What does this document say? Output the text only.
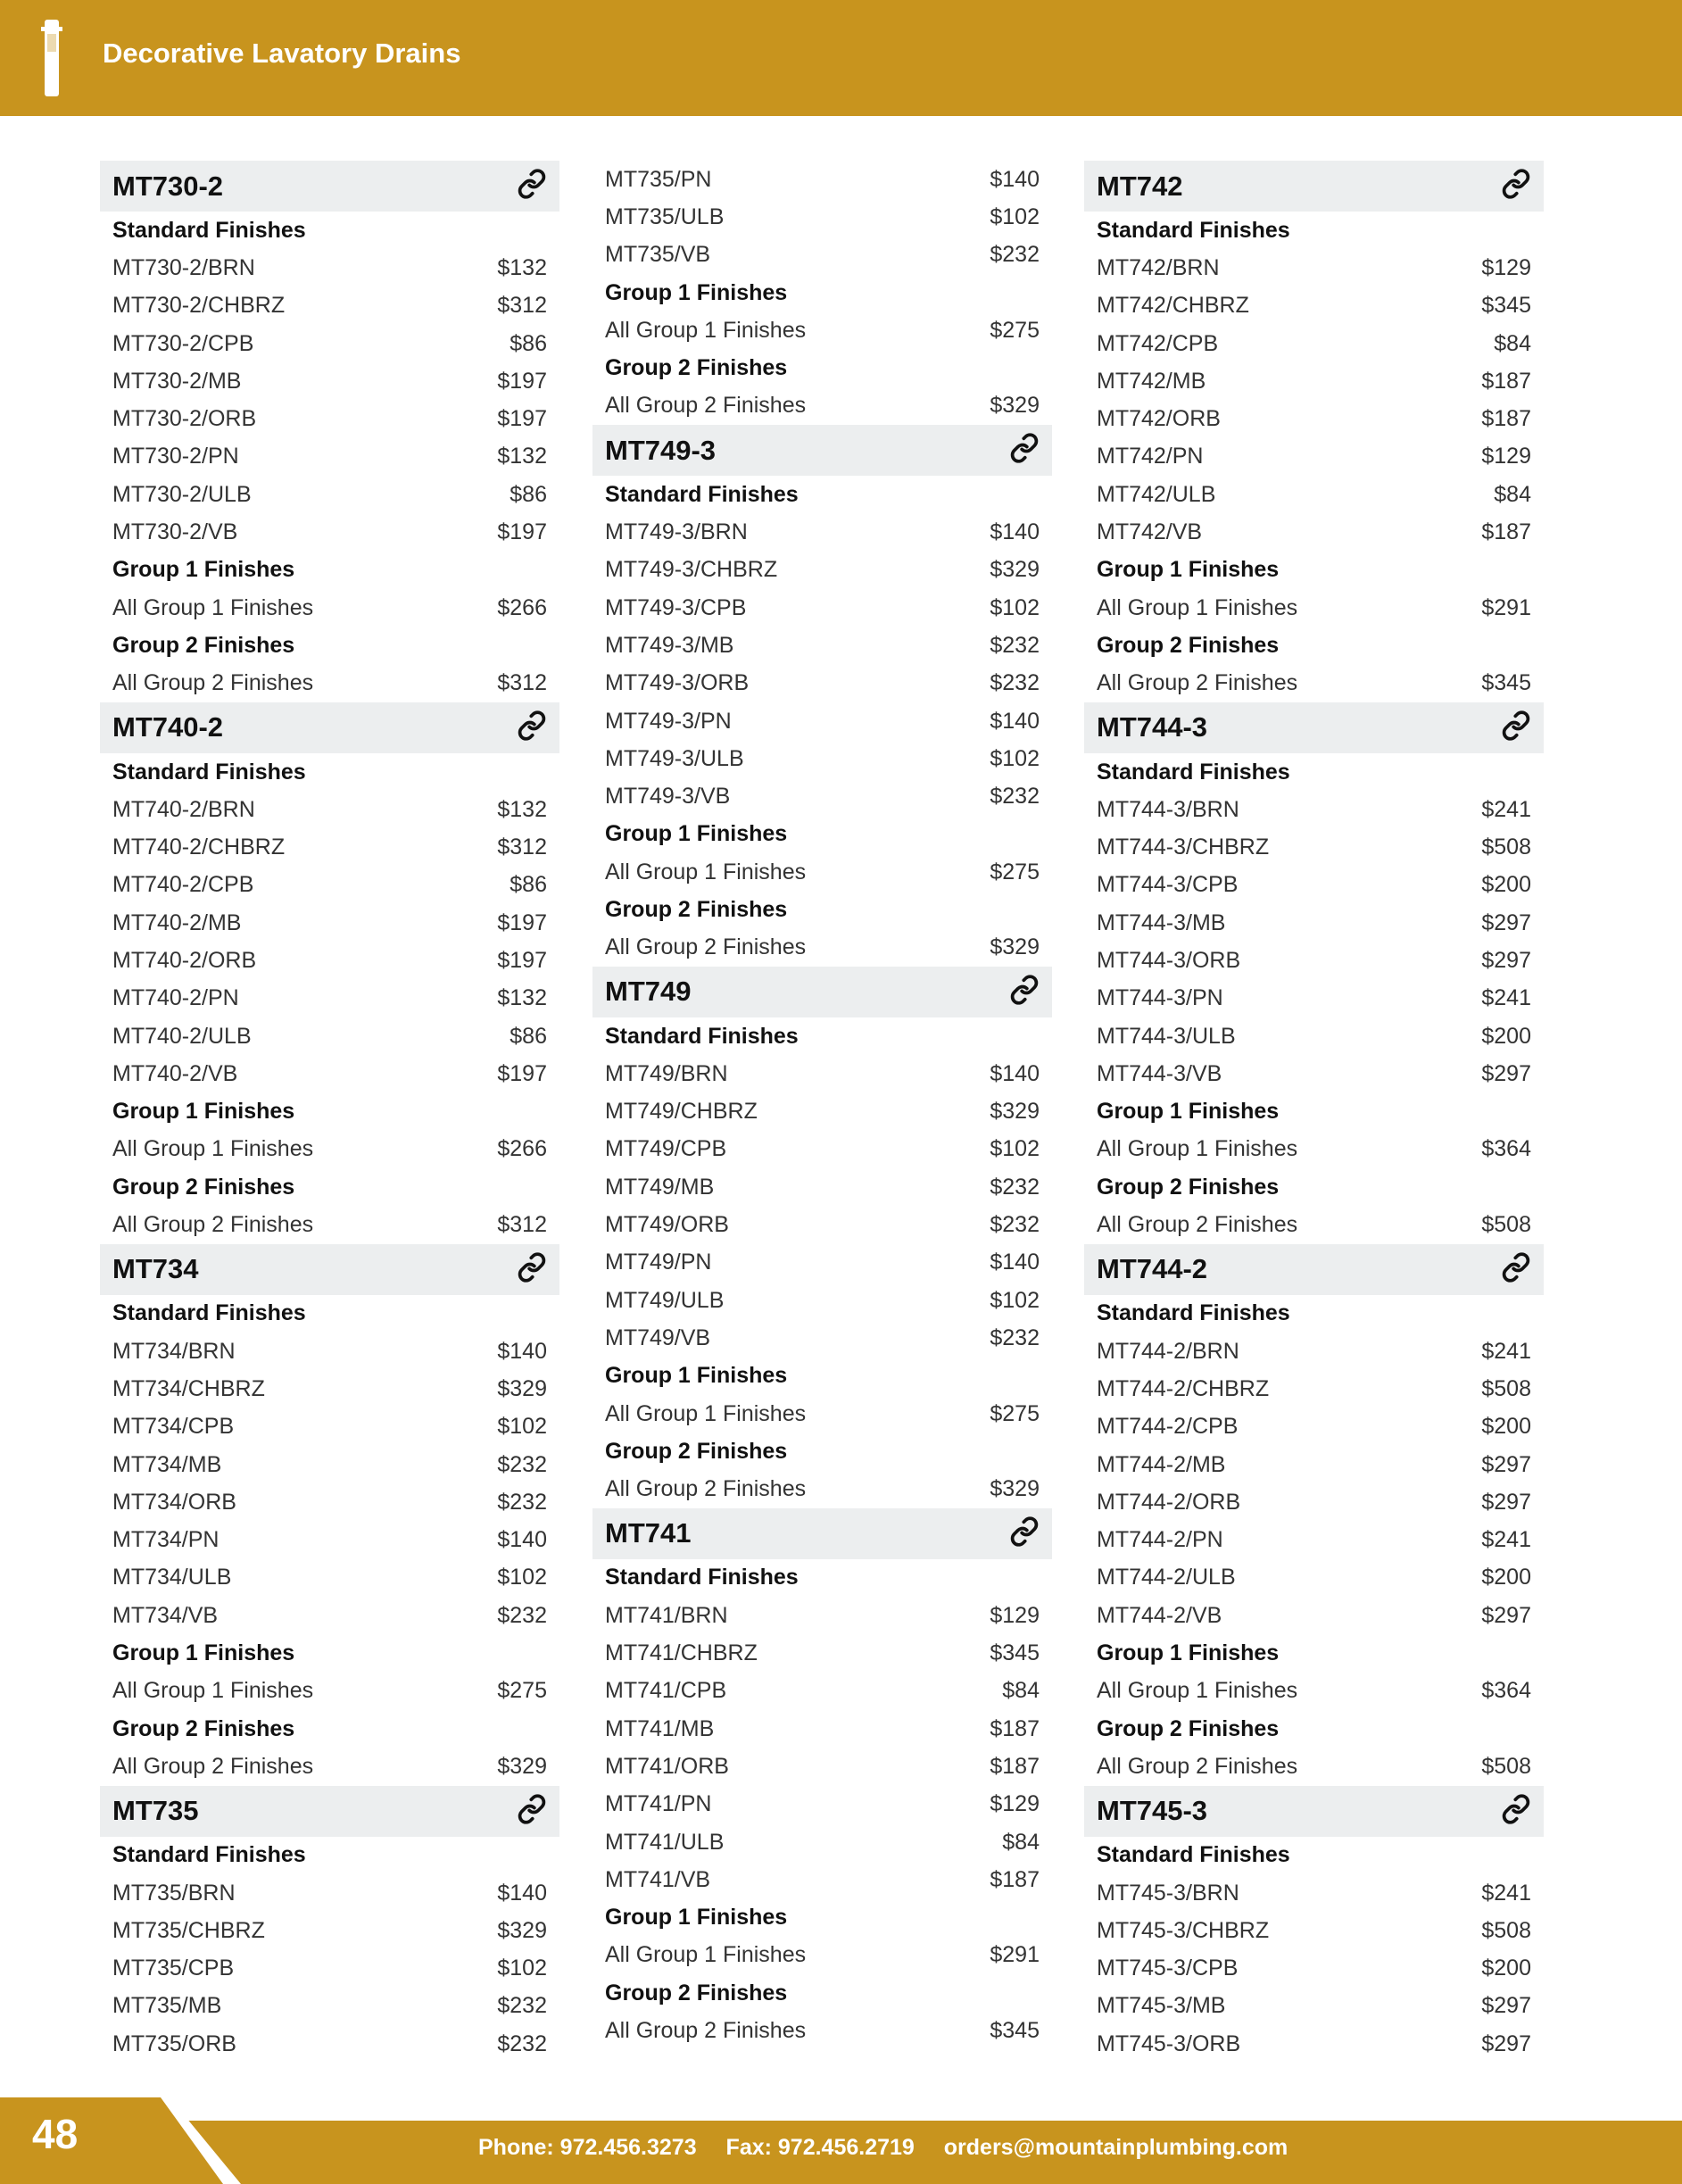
Decorative Lavatory Drains
MT730-2
Standard Finishes
MT730-2/BRN	$132
MT730-2/CHBRZ	$312
MT730-2/CPB	$86
MT730-2/MB	$197
MT730-2/ORB	$197
MT730-2/PN	$132
MT730-2/ULB	$86
MT730-2/VB	$197
Group 1 Finishes
All Group 1 Finishes	$266
Group 2 Finishes
All Group 2 Finishes	$312
MT740-2
Standard Finishes
MT740-2/BRN	$132
MT740-2/CHBRZ	$312
MT740-2/CPB	$86
MT740-2/MB	$197
MT740-2/ORB	$197
MT740-2/PN	$132
MT740-2/ULB	$86
MT740-2/VB	$197
Group 1 Finishes
All Group 1 Finishes	$266
Group 2 Finishes
All Group 2 Finishes	$312
MT734
Standard Finishes
MT734/BRN	$140
MT734/CHBRZ	$329
MT734/CPB	$102
MT734/MB	$232
MT734/ORB	$232
MT734/PN	$140
MT734/ULB	$102
MT734/VB	$232
Group 1 Finishes
All Group 1 Finishes	$275
Group 2 Finishes
All Group 2 Finishes	$329
MT735
Standard Finishes
MT735/BRN	$140
MT735/CHBRZ	$329
MT735/CPB	$102
MT735/MB	$232
MT735/ORB	$232
MT735/PN	$140
MT735/ULB	$102
MT735/VB	$232
Group 1 Finishes
All Group 1 Finishes	$275
Group 2 Finishes
All Group 2 Finishes	$329
MT749-3
Standard Finishes
MT749-3/BRN	$140
MT749-3/CHBRZ	$329
MT749-3/CPB	$102
MT749-3/MB	$232
MT749-3/ORB	$232
MT749-3/PN	$140
MT749-3/ULB	$102
MT749-3/VB	$232
Group 1 Finishes
All Group 1 Finishes	$275
Group 2 Finishes
All Group 2 Finishes	$329
MT749
Standard Finishes
MT749/BRN	$140
MT749/CHBRZ	$329
MT749/CPB	$102
MT749/MB	$232
MT749/ORB	$232
MT749/PN	$140
MT749/ULB	$102
MT749/VB	$232
Group 1 Finishes
All Group 1 Finishes	$275
Group 2 Finishes
All Group 2 Finishes	$329
MT741
Standard Finishes
MT741/BRN	$129
MT741/CHBRZ	$345
MT741/CPB	$84
MT741/MB	$187
MT741/ORB	$187
MT741/PN	$129
MT741/ULB	$84
MT741/VB	$187
Group 1 Finishes
All Group 1 Finishes	$291
Group 2 Finishes
All Group 2 Finishes	$345
MT742
Standard Finishes
MT742/BRN	$129
MT742/CHBRZ	$345
MT742/CPB	$84
MT742/MB	$187
MT742/ORB	$187
MT742/PN	$129
MT742/ULB	$84
MT742/VB	$187
Group 1 Finishes
All Group 1 Finishes	$291
Group 2 Finishes
All Group 2 Finishes	$345
MT744-3
Standard Finishes
MT744-3/BRN	$241
MT744-3/CHBRZ	$508
MT744-3/CPB	$200
MT744-3/MB	$297
MT744-3/ORB	$297
MT744-3/PN	$241
MT744-3/ULB	$200
MT744-3/VB	$297
Group 1 Finishes
All Group 1 Finishes	$364
Group 2 Finishes
All Group 2 Finishes	$508
MT744-2
Standard Finishes
MT744-2/BRN	$241
MT744-2/CHBRZ	$508
MT744-2/CPB	$200
MT744-2/MB	$297
MT744-2/ORB	$297
MT744-2/PN	$241
MT744-2/ULB	$200
MT744-2/VB	$297
Group 1 Finishes
All Group 1 Finishes	$364
Group 2 Finishes
All Group 2 Finishes	$508
MT745-3
Standard Finishes
MT745-3/BRN	$241
MT745-3/CHBRZ	$508
MT745-3/CPB	$200
MT745-3/MB	$297
MT745-3/ORB	$297
48	Phone: 972.456.3273 Fax: 972.456.2719 orders@mountainplumbing.com
